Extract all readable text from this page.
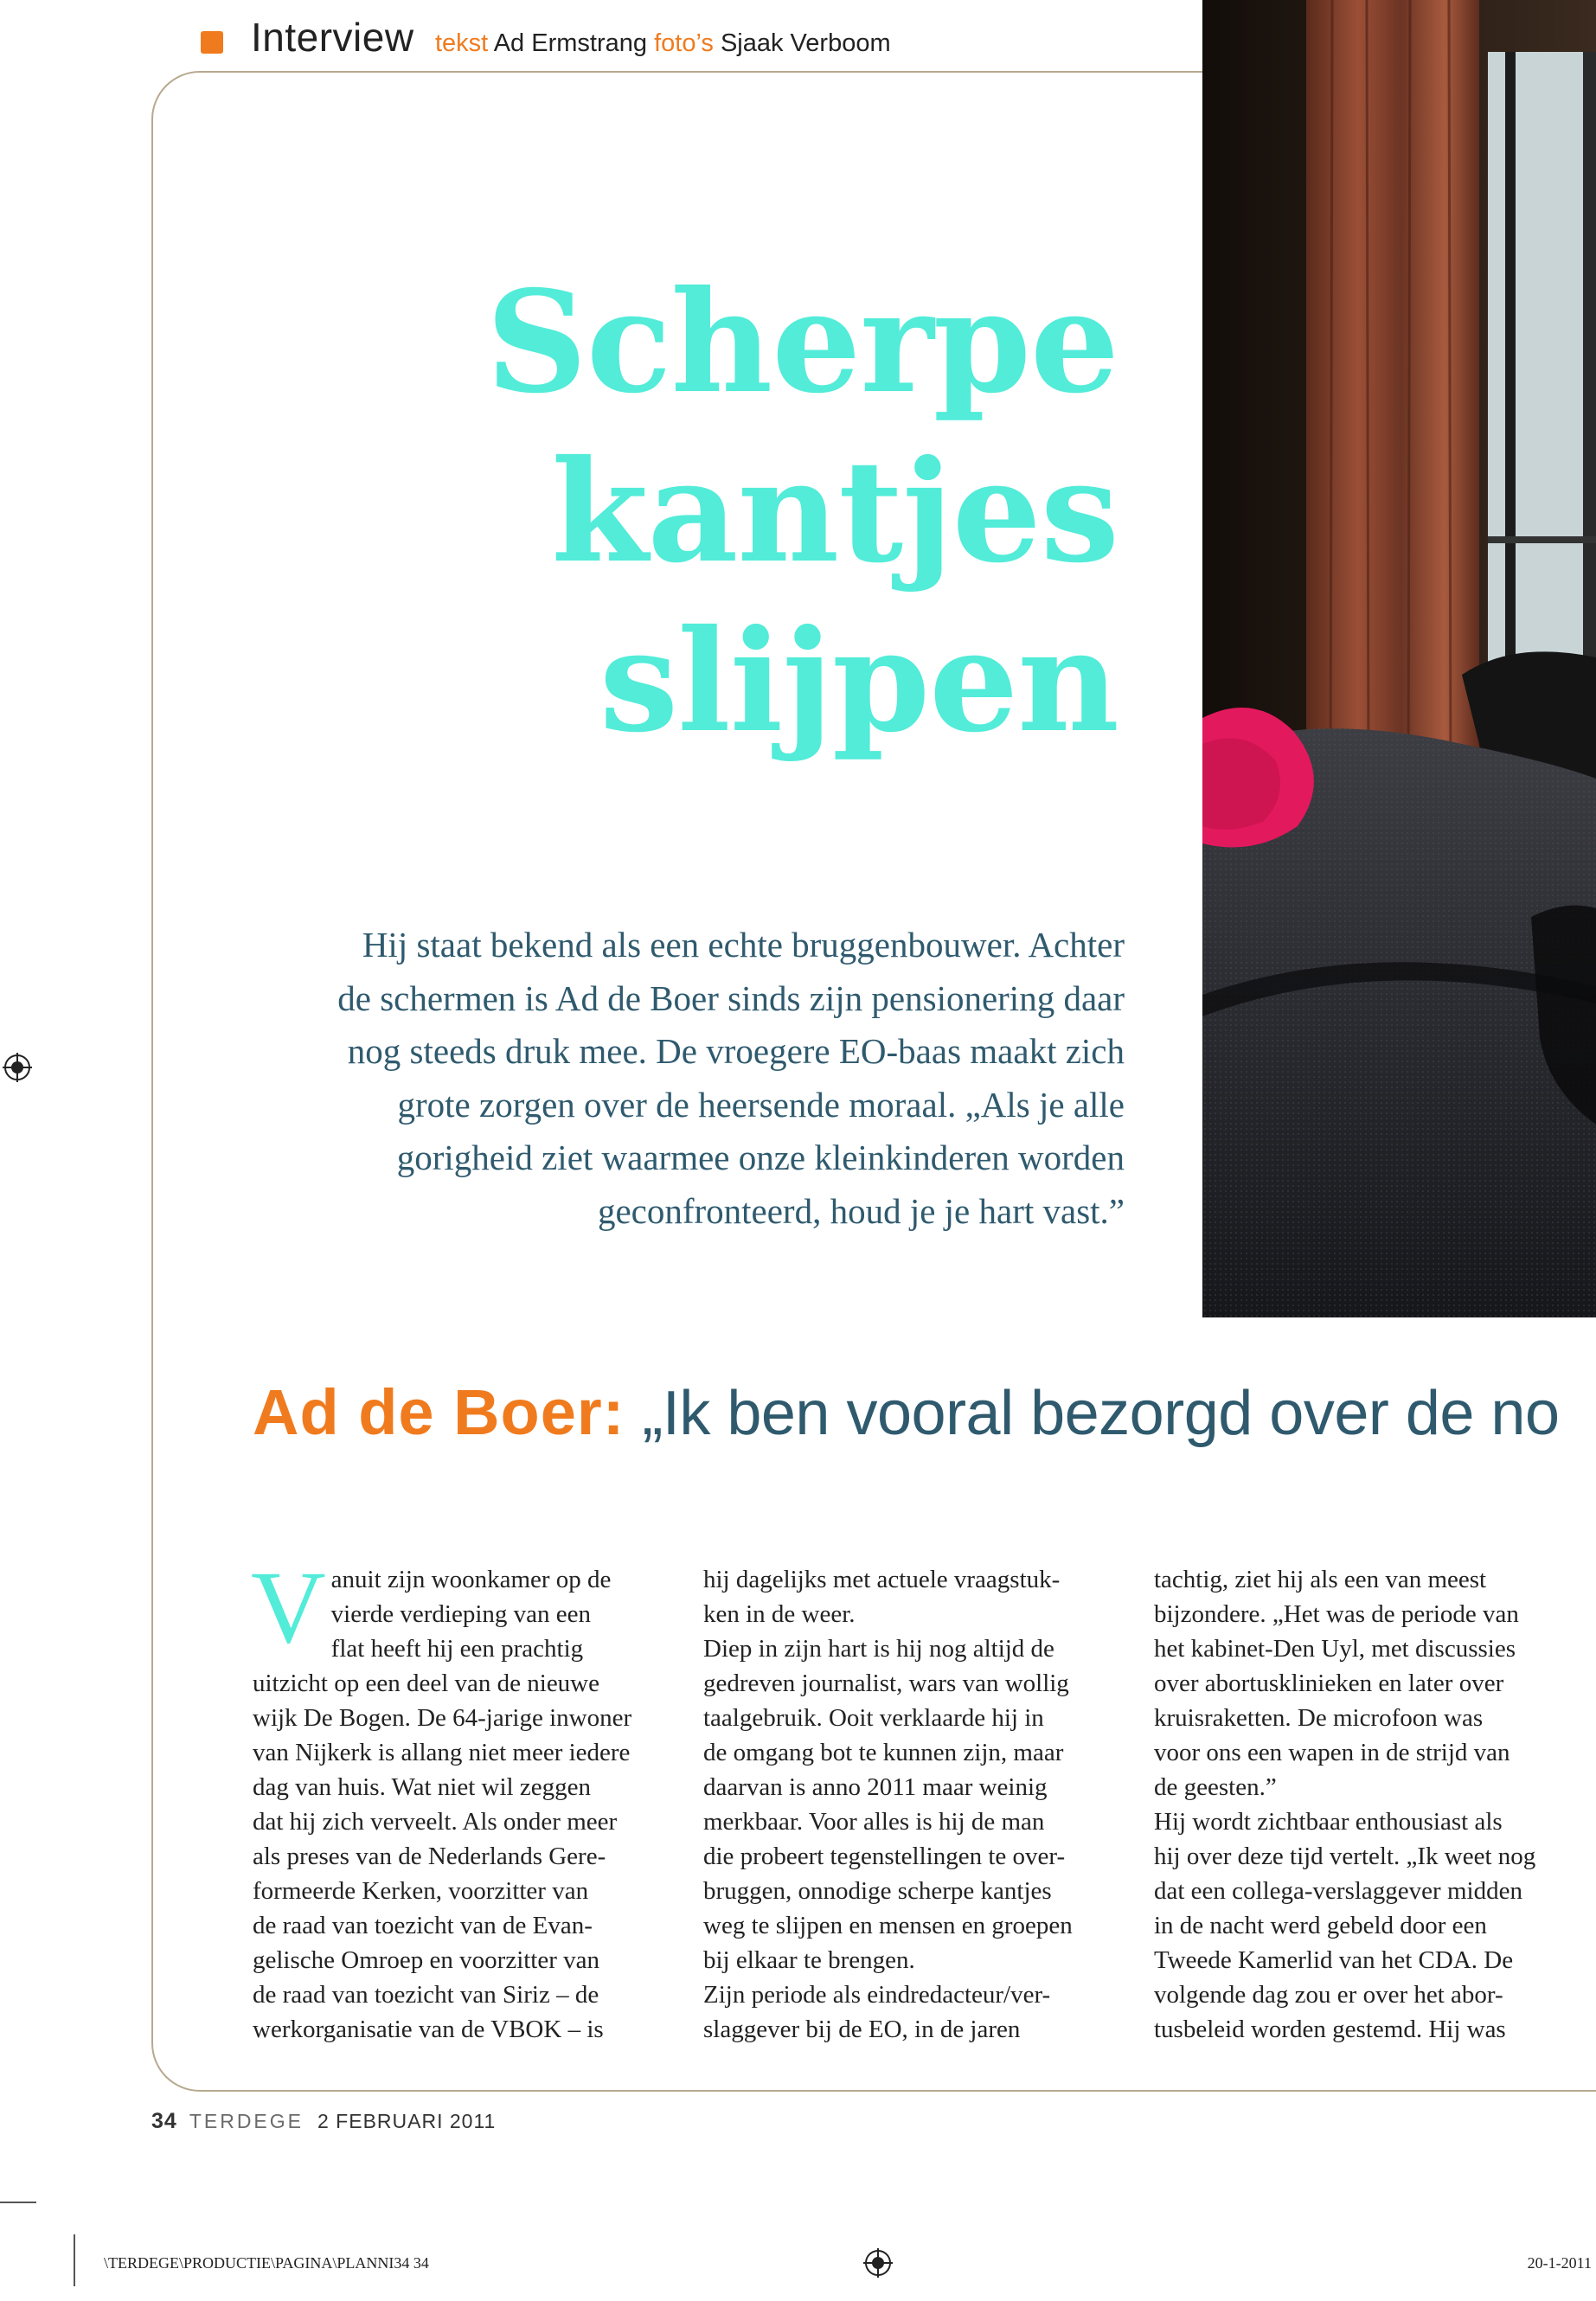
Interview tekst Ad Ermstrang foto’s Sjaak Verboom
Scherpe
kantjes
slijpen
Hij staat bekend als een echte bruggenbouwer. Achter
de schermen is Ad de Boer sinds zijn pensionering daar
nog steeds druk mee. De vroegere EO-baas maakt zich
grote zorgen over de heersende moraal. „Als je alle
gorigheid ziet waarmee onze kleinkinderen worden
geconfronteerd, houd je je hart vast.”
Ad de Boer: „Ik ben vooral bezorgd over de no
V anuit zijn woonkamer op de
vierde verdieping van een
flat heeft hij een prachtig
uitzicht op een deel van de nieuwe
wijk De Bogen. De 64-jarige inwoner
van Nijkerk is allang niet meer iedere
dag van huis. Wat niet wil zeggen
dat hij zich verveelt. Als onder meer
als preses van de Nederlands Gere-
formeerde Kerken, voorzitter van
de raad van toezicht van de Evan-
gelische Omroep en voorzitter van
de raad van toezicht van Siriz – de
werkorganisatie van de VBOK – is
hij dagelijks met actuele vraagstuk-
ken in de weer.
Diep in zijn hart is hij nog altijd de
gedreven journalist, wars van wollig
taalgebruik. Ooit verklaarde hij in
de omgang bot te kunnen zijn, maar
daarvan is anno 2011 maar weinig
merkbaar. Voor alles is hij de man
die probeert tegenstellingen te over-
bruggen, onnodige scherpe kantjes
weg te slijpen en mensen en groepen
bij elkaar te brengen.
Zijn periode als eindredacteur/ver-
slaggever bij de EO, in de jaren
tachtig, ziet hij als een van meest
bijzondere. „Het was de periode van
het kabinet-Den Uyl, met discussies
over abortusklinieken en later over
kruisraketten. De microfoon was
voor ons een wapen in de strijd van
de geesten.”
Hij wordt zichtbaar enthousiast als
hij over deze tijd vertelt. „Ik weet nog
dat een collega-verslaggever midden
in de nacht werd gebeld door een
Tweede Kamerlid van het CDA. De
volgende dag zou er over het abor-
tusbeleid worden gestemd. Hij was
34 TERDEGE 2 FEBRUARI 2011
\TERDEGE\PRODUCTIE\PAGINA\PLANNI34 34	20-1-2011
